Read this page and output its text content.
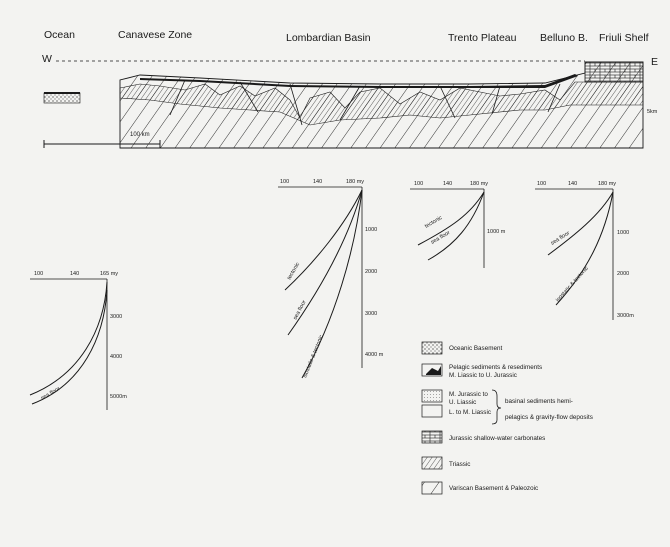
Ocean	Canavese Zone	Lombardian Basin	Trento Plateau Belluno B. Friuli Shelf
W	E
5km
100 km
100	140	165 my
3000
4000
5000m
sea floor
100	140	180 my
1000
2000
3000
4000 m
tectonic
sea floor
isostatic & tectonic
100	140	180 my
1000 m
tectonic
sea floor
100	140	180 my
1000
2000
3000m
sea floor
isostatic & tectonic
Oceanic Basement
Pelagic sediments & resediments
M. Liassic to U. Jurassic
M. Jurassic to
U. Liassic
L. to M. Liassic
basinal sediments hemi-
pelagics & gravity-flow deposits
Jurassic shallow-water carbonates
Triassic
Variscan Basement & Paleozoic
